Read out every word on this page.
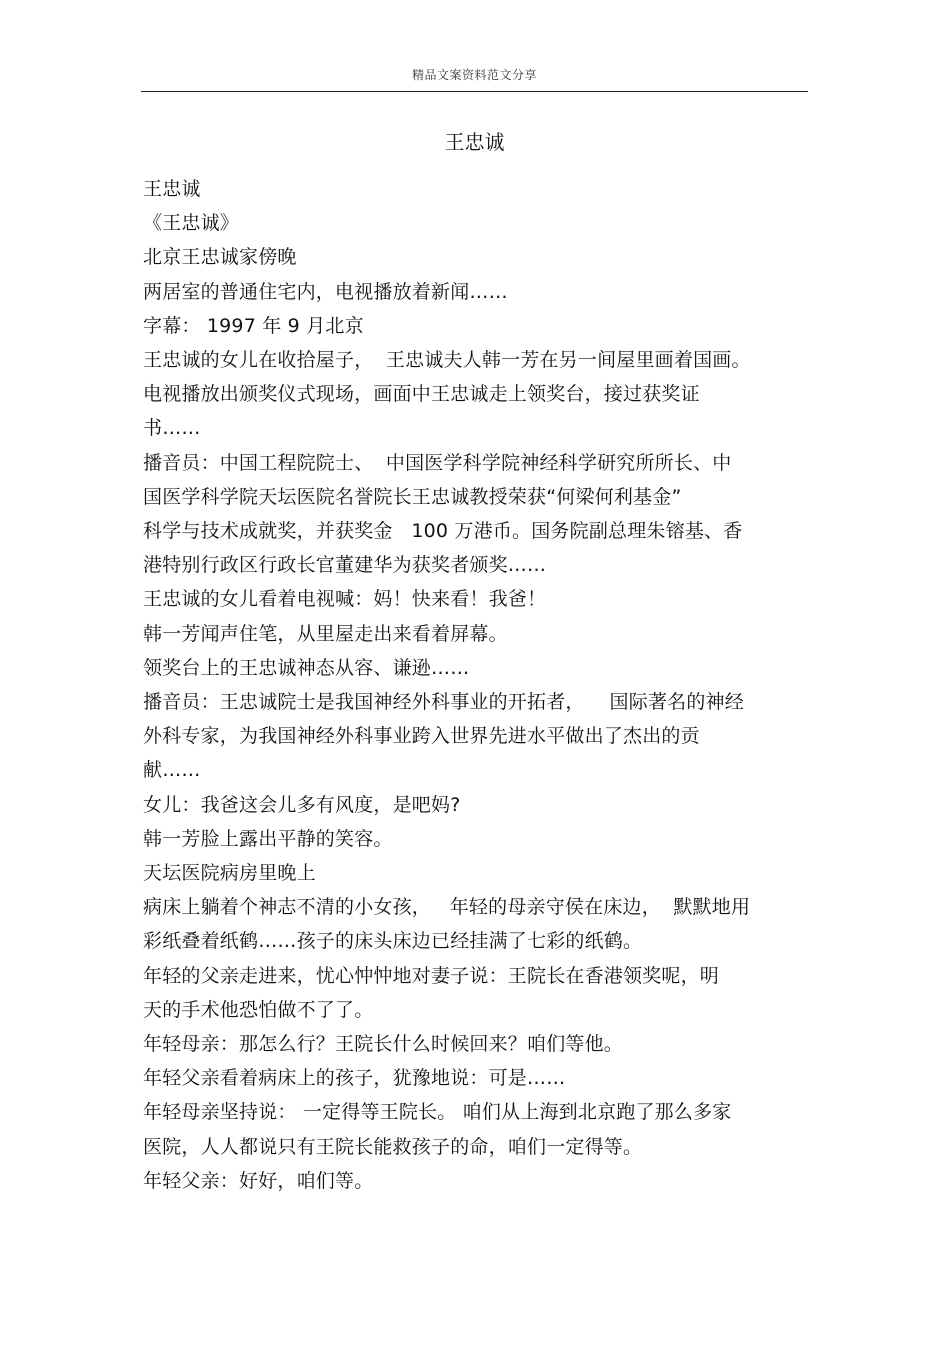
精品文案资料范文分享
王忠诚

王忠诚

《王忠诚》

北京王忠诚家傍晚

两居室的普通住宅内，电视播放着新闻……

字幕： 1997 年 9 月北京

王忠诚的女儿在收拾屋子，  王忠诚夫人韩一芳在另一间屋里画着国画。

电视播放出颁奖仪式现场，画面中王忠诚走上领奖台，接过获奖证

书……

播音员：中国工程院院士、  中国医学科学院神经科学研究所所长、中

国医学科学院天坛医院名誉院长王忠诚教授荣获“何梁何利基金”

科学与技术成就奖，并获奖金   100 万港币。国务院副总理朱镕基、香

港特别行政区行政长官董建华为获奖者颁奖……

王忠诚的女儿看着电视喊：妈！快来看！我爸！

韩一芳闻声住笔，从里屋走出来看着屏幕。

领奖台上的王忠诚神态从容、谦逊……

播音员：王忠诚院士是我国神经外科事业的开拓者，    国际著名的神经

外科专家，为我国神经外科事业跨入世界先进水平做出了杰出的贡

献……

女儿：我爸这会儿多有风度，是吧妈?

韩一芳脸上露出平静的笑容。

天坛医院病房里晚上

病床上躺着个神志不清的小女孩，   年轻的母亲守侯在床边，  默默地用

彩纸叠着纸鹤……孩子的床头床边已经挂满了七彩的纸鹤。

年轻的父亲走进来，忧心忡忡地对妻子说：王院长在香港领奖呢，明

天的手术他恐怕做不了了。

年轻母亲：那怎么行？王院长什么时候回来？咱们等他。

年轻父亲看着病床上的孩子，犹豫地说：可是……

年轻母亲坚持说： 一定得等王院长。 咱们从上海到北京跑了那么多家

医院，人人都说只有王院长能救孩子的命，咱们一定得等。

年轻父亲：好好，咱们等。
